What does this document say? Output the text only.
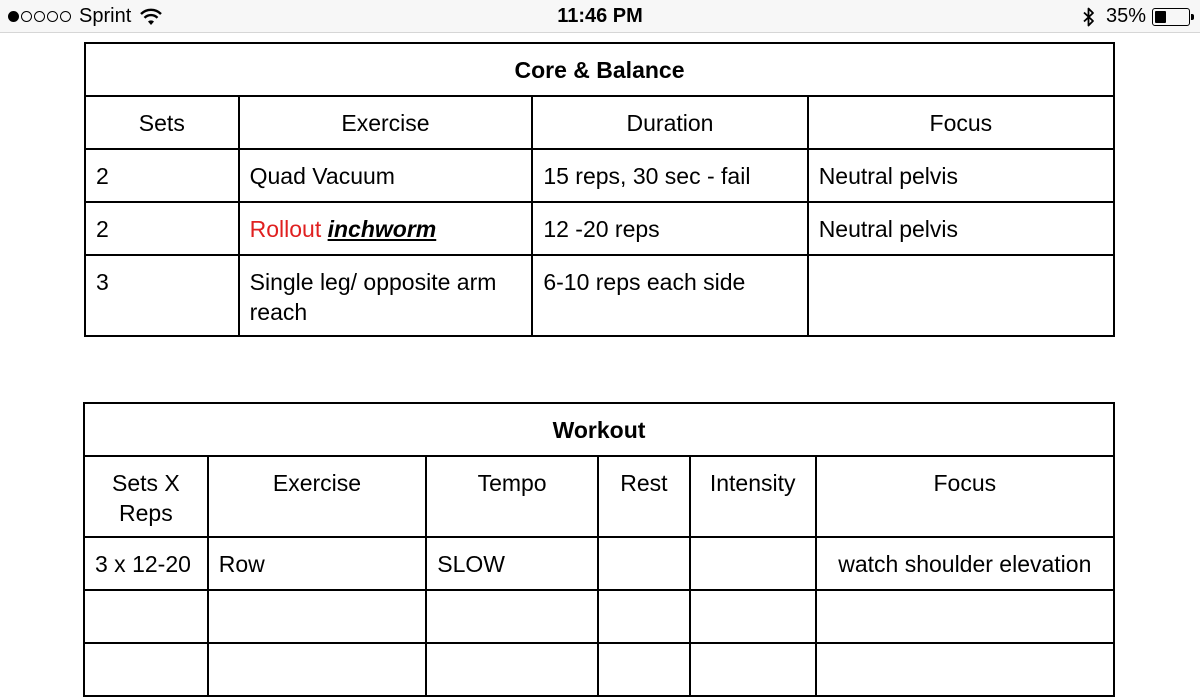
Sprint	11:46 PM	35%
Core & Balance			
Sets	Exercise	Duration	Focus
2	Quad Vacuum	15 reps, 30 sec - fail	Neutral pelvis
2	Rollout inchworm	12 -20 reps	Neutral pelvis
3	Single leg/ opposite arm reach	6-10 reps each side	
Workout					
Sets X Reps	Exercise	Tempo	Rest	Intensity	Focus
3 x 12-20	Row	SLOW			watch shoulder elevation
